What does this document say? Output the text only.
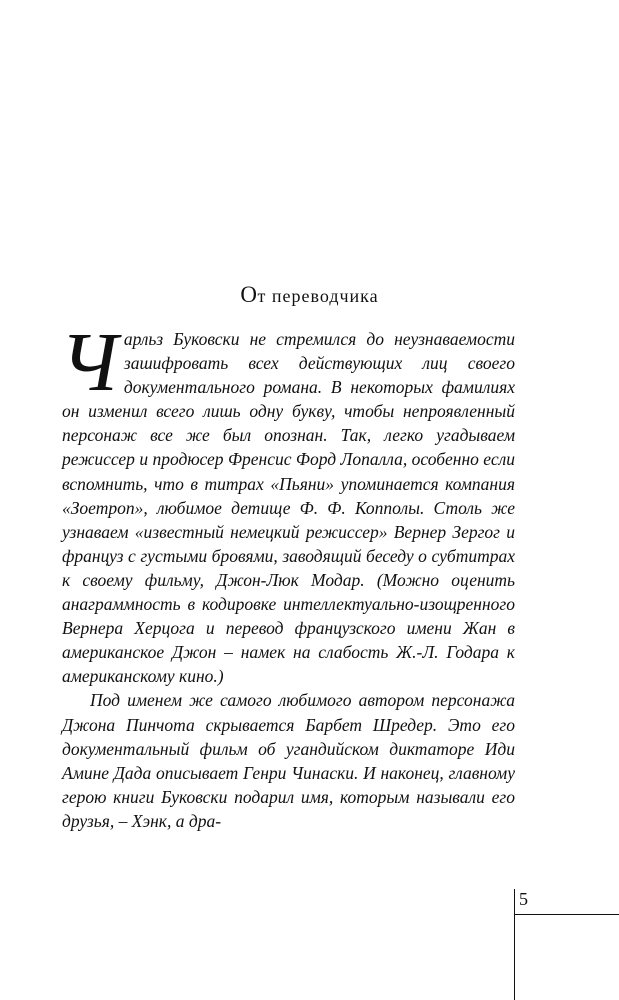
От переводчика

Чарльз Буковски не стремился до неузнаваемости зашифровать всех действующих лиц своего документального романа. В некоторых фамилиях он изменил всего лишь одну букву, чтобы непроявленный персонаж все же был опознан. Так, легко угадываем режиссер и продюсер Френсис Форд Лопалла, особенно если вспомнить, что в титрах «Пьяни» упоминается компания «Зоетроп», любимое детище Ф. Ф. Копполы. Столь же узнаваем «известный немецкий режиссер» Вернер Зергог и француз с густыми бровями, заводящий беседу о субтитрах к своему фильму, Джон-Люк Модар. (Можно оценить анаграммность в кодировке интеллектуально-изощренного Вернера Херцога и перевод французского имени Жан в американское Джон – намек на слабость Ж.-Л. Годара к американскому кино.)

Под именем же самого любимого автором персонажа Джона Пинчота скрывается Барбет Шредер. Это его документальный фильм об угандийском диктаторе Иди Амине Дада описывает Генри Чинаски. И наконец, главному герою книги Буковски подарил имя, которым называли его друзья, – Хэнк, а дра-

5
